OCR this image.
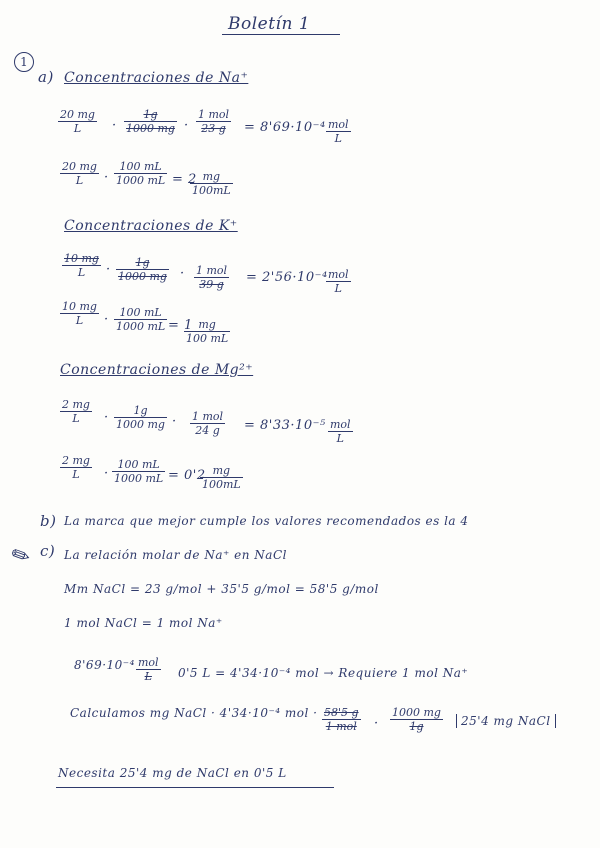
Boletín 1
1
a) Concentraciones de Na⁺
$\frac{20 mg}{L} \cdot \frac{1g}{1000 mg}$ ·
1 mol
23 g	= 8'69·10⁻⁴ mol
L
$\frac{20 mg}{L} \cdot \frac{100 mL}{1000 mL} = 2$
$\frac{mg}{100mL}$
Concentraciones de K⁺
$\frac{10 mg}{L} \cdot \frac{1g}{1000 mg} \cdot 1$ mol
39 g	= 2'56·10⁻⁴ mol
L
$\frac{10 mg}{L} \cdot \frac{100 mL}{1000 mL} = 1$
$\frac{mg}{100 mL}$
Concentraciones de Mg²⁺
$\frac{2 mg}{L} \cdot \frac{1g}{1000 mg} \cdot 1$ mol
24 g	= 8'33·10⁻⁵ mol
L
$\frac{2 mg}{L} \cdot \frac{100 mL}{1000 mL} = 0'2$
$\frac{mg}{100mL}$
b) La marca que mejor cumple los valores recomendados es la 4
✎ c) La relación molar de Na⁺ en NaCl
Mm NaCl = 23 g/mol + 35'5 g/mol = 58'5 g/mol
1 mol NaCl = 1 mol Na⁺
8'69·10⁻⁴ mol
L	0'5 L = 4'34·10⁻⁴ mol → Requiere 1 mol Na⁺
Calculamos mg NaCl · 4'34·10⁻⁴ mol · 58'5 g
1 mol · $\frac{1000 mg}{1g}$	25'4 mg NaCl
Necesita 25'4 mg de NaCl en 0'5 L
